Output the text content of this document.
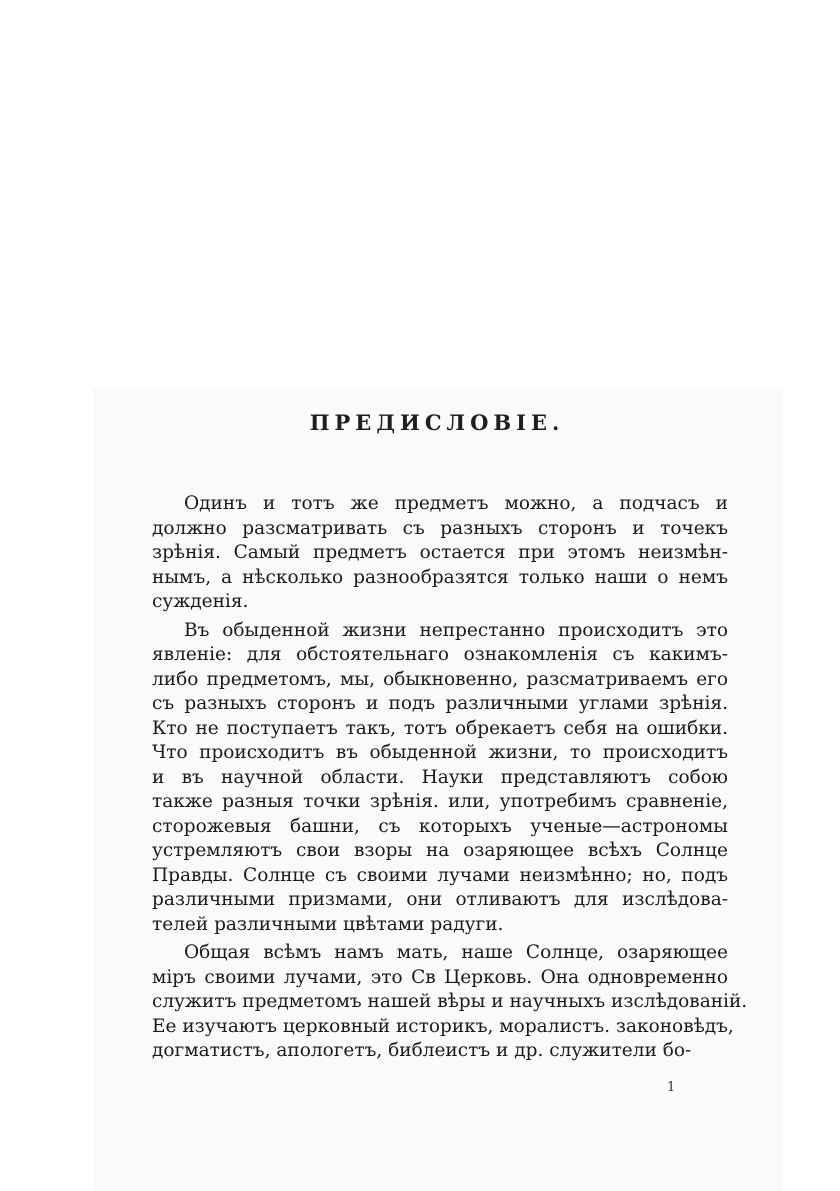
ПРЕДИСЛОВІЕ.
Одинъ и тотъ же предметъ можно, а подчасъ и
должно разсматривать съ разныхъ сторонъ и точекъ
зрѣнія. Самый предметъ остается при этомъ неизмѣн-
нымъ, а нѣсколько разнообразятся только наши о немъ
сужденія.
Въ обыденной жизни непрестанно происходитъ это
явленіе: для обстоятельнаго ознакомленія съ какимъ-
либо предметомъ, мы, обыкновенно, разсматриваемъ его
съ разныхъ сторонъ и подъ различными углами зрѣнія.
Кто не поступаетъ такъ, тотъ обрекаетъ себя на ошибки.
Что происходитъ въ обыденной жизни, то происходитъ
и въ научной области. Науки представляютъ собою
также разныя точки зрѣнія. или, употребимъ сравненіе,
сторожевыя башни, съ которыхъ ученые—астрономы
устремляютъ свои взоры на озаряющее всѣхъ Солнце
Правды. Солнце съ своими лучами неизмѣнно; но, подъ
различными призмами, они отливаютъ для изслѣдова-
телей различными цвѣтами радуги.
Общая всѣмъ намъ мать, наше Солнце, озаряющее
міръ своими лучами, это Св Церковь. Она одновременно
служитъ предметомъ нашей вѣры и научныхъ изслѣдованій.
Ее изучаютъ церковный историкъ, моралистъ. законовѣдъ,
догматистъ, апологетъ, библеистъ и др. служители бо-
1
